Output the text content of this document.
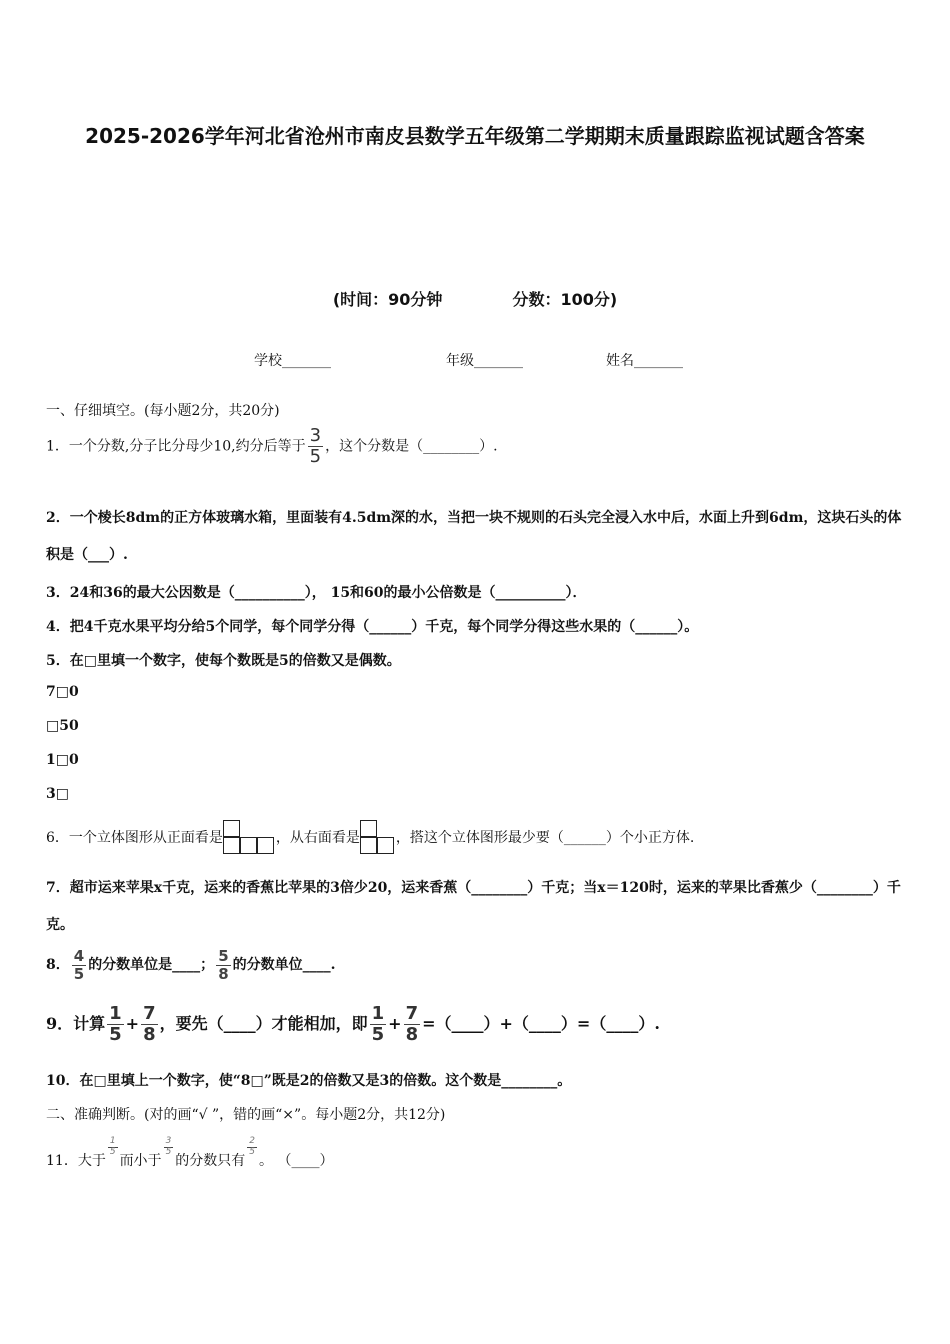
2025-2026学年河北省沧州市南皮县数学五年级第二学期期末质量跟踪监视试题含答案
(时间：90分钟	分数：100分)
学校_______	年级_______	姓名_______
一、仔细填空。(每小题2分，共20分)
1．一个分数,分子比分母少10,约分后等于 $\frac{3}{5}$ ，这个分数是（________）.
2．一个棱长8dm的正方体玻璃水箱，里面装有4.5dm深的水，当把一块不规则的石头完全浸入水中后，水面上升到6dm，这块石头的体积是（___）.
3．24和36的最大公因数是（__________）， 15和60的最小公倍数是（__________）．
4．把4千克水果平均分给5个同学，每个同学分得（______）千克，每个同学分得这些水果的（______）。
5．在□里填一个数字，使每个数既是5的倍数又是偶数。
7□0
□50
1□0
3□
6．一个立体图形从正面看是	，从右面看是	，搭这个立体图形最少要（______）个小正方体.
7．超市运来苹果x千克，运来的香蕉比苹果的3倍少20，运来香蕉（________）千克；当x＝120时，运来的苹果比香蕉少（________）千克。
8． $\frac{4}{5}$ 的分数单位是____； $\frac{5}{8}$ 的分数单位____.
9．计算 $\frac{1}{5} + \frac{7}{8}$ ，要先（____）才能相加，即 $\frac{1}{5} + \frac{7}{8}$ =（____）+（____）=（____）.
10．在□里填上一个数字，使“8□”既是2的倍数又是3的倍数。这个数是________。
二、准确判断。(对的画“√ ”，错的画“×”。每小题2分，共12分)
11．大于
$\frac{1}{5}$
而小于
$\frac{3}{5}$
的分数只有
$\frac{2}{5}$
。 （____）
